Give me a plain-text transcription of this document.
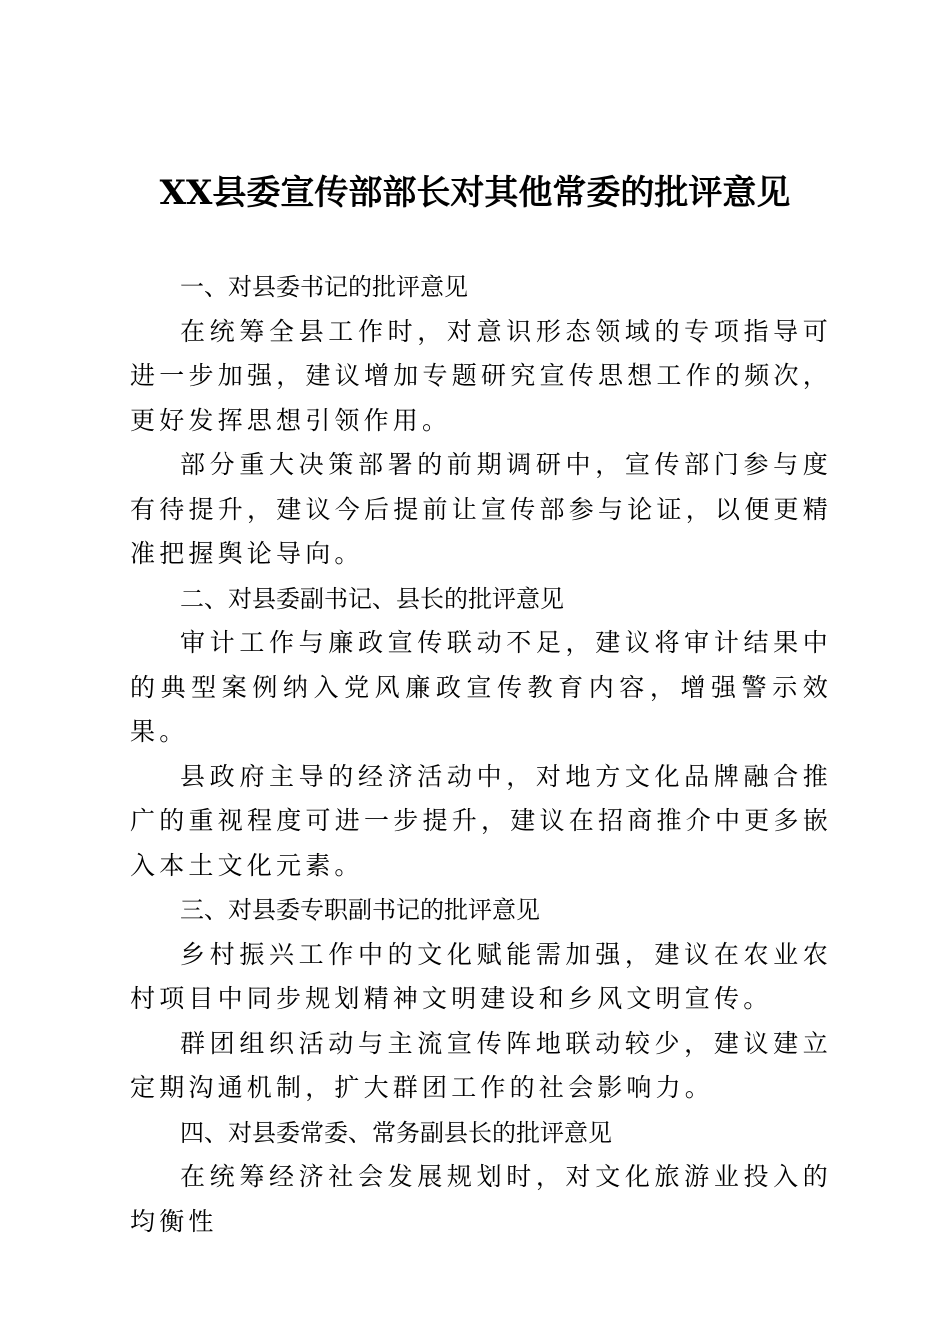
XX县委宣传部部长对其他常委的批评意见
一、对县委书记的批评意见

在统筹全县工作时，对意识形态领域的专项指导可进一步加强，建议增加专题研究宣传思想工作的频次，更好发挥思想引领作用。

部分重大决策部署的前期调研中，宣传部门参与度有待提升，建议今后提前让宣传部参与论证，以便更精准把握舆论导向。

二、对县委副书记、县长的批评意见

审计工作与廉政宣传联动不足，建议将审计结果中的典型案例纳入党风廉政宣传教育内容，增强警示效果。

县政府主导的经济活动中，对地方文化品牌融合推广的重视程度可进一步提升，建议在招商推介中更多嵌入本土文化元素。

三、对县委专职副书记的批评意见

乡村振兴工作中的文化赋能需加强，建议在农业农村项目中同步规划精神文明建设和乡风文明宣传。

群团组织活动与主流宣传阵地联动较少，建议建立定期沟通机制，扩大群团工作的社会影响力。

四、对县委常委、常务副县长的批评意见

在统筹经济社会发展规划时，对文化旅游业投入的均衡性
